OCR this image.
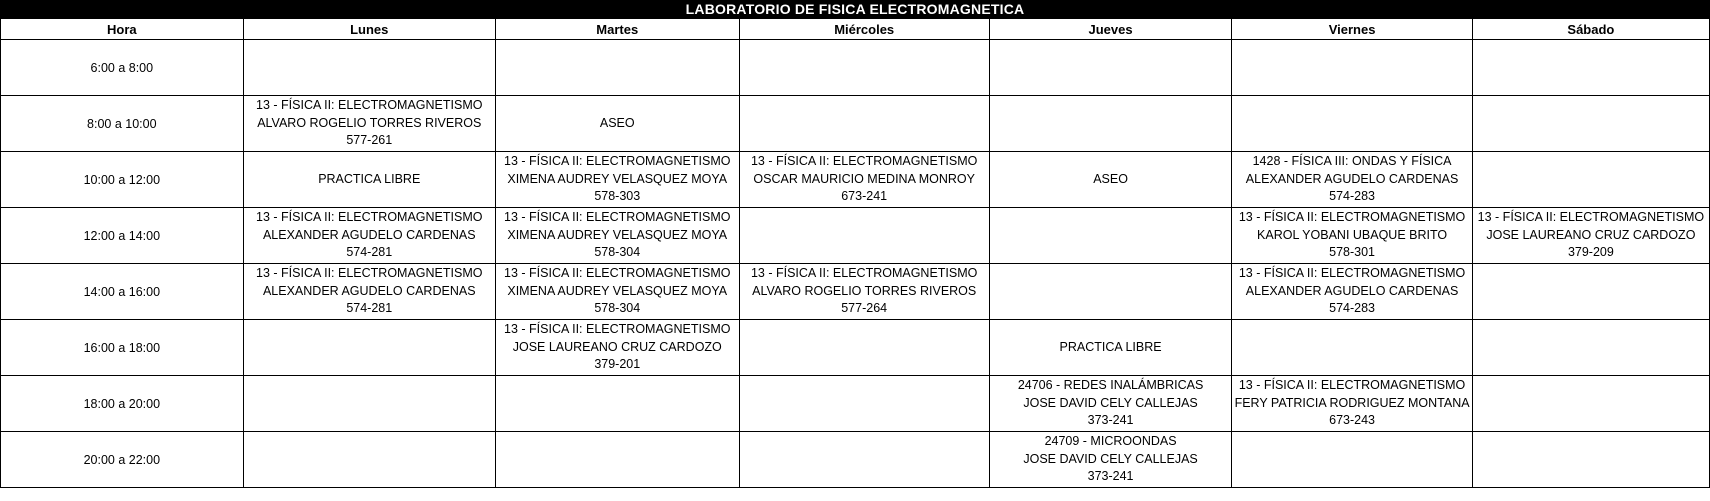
LABORATORIO DE FISICA ELECTROMAGNETICA
Hora	Lunes	Martes	Miércoles	Jueves	Viernes	Sábado
6:00 a 8:00	

8:00 a 10:00	13 - FÍSICA II: ELECTROMAGNETISMO
ALVARO ROGELIO TORRES RIVEROS
577-261	ASEO				

10:00 a 12:00	PRACTICA LIBRE	13 - FÍSICA II: ELECTROMAGNETISMO
XIMENA AUDREY VELASQUEZ MOYA
578-303	13 - FÍSICA II: ELECTROMAGNETISMO
OSCAR MAURICIO MEDINA MONROY
673-241	ASEO	1428 - FÍSICA III: ONDAS Y FÍSICA
ALEXANDER AGUDELO CARDENAS
574-283	

12:00 a 14:00	13 - FÍSICA II: ELECTROMAGNETISMO
ALEXANDER AGUDELO CARDENAS
574-281	13 - FÍSICA II: ELECTROMAGNETISMO
XIMENA AUDREY VELASQUEZ MOYA
578-304			13 - FÍSICA II: ELECTROMAGNETISMO
KAROL YOBANI UBAQUE BRITO
578-301	13 - FÍSICA II: ELECTROMAGNETISMO
JOSE LAUREANO CRUZ CARDOZO
379-209

14:00 a 16:00	13 - FÍSICA II: ELECTROMAGNETISMO
ALEXANDER AGUDELO CARDENAS
574-281	13 - FÍSICA II: ELECTROMAGNETISMO
XIMENA AUDREY VELASQUEZ MOYA
578-304	13 - FÍSICA II: ELECTROMAGNETISMO
ALVARO ROGELIO TORRES RIVEROS
577-264		13 - FÍSICA II: ELECTROMAGNETISMO
ALEXANDER AGUDELO CARDENAS
574-283	

16:00 a 18:00		13 - FÍSICA II: ELECTROMAGNETISMO
JOSE LAUREANO CRUZ CARDOZO
379-201		PRACTICA LIBRE		

18:00 a 20:00				24706 - REDES INALÁMBRICAS
JOSE DAVID CELY CALLEJAS
373-241	13 - FÍSICA II: ELECTROMAGNETISMO
FERY PATRICIA RODRIGUEZ MONTANA
673-243	

20:00 a 22:00				24709 - MICROONDAS
JOSE DAVID CELY CALLEJAS
373-241		
